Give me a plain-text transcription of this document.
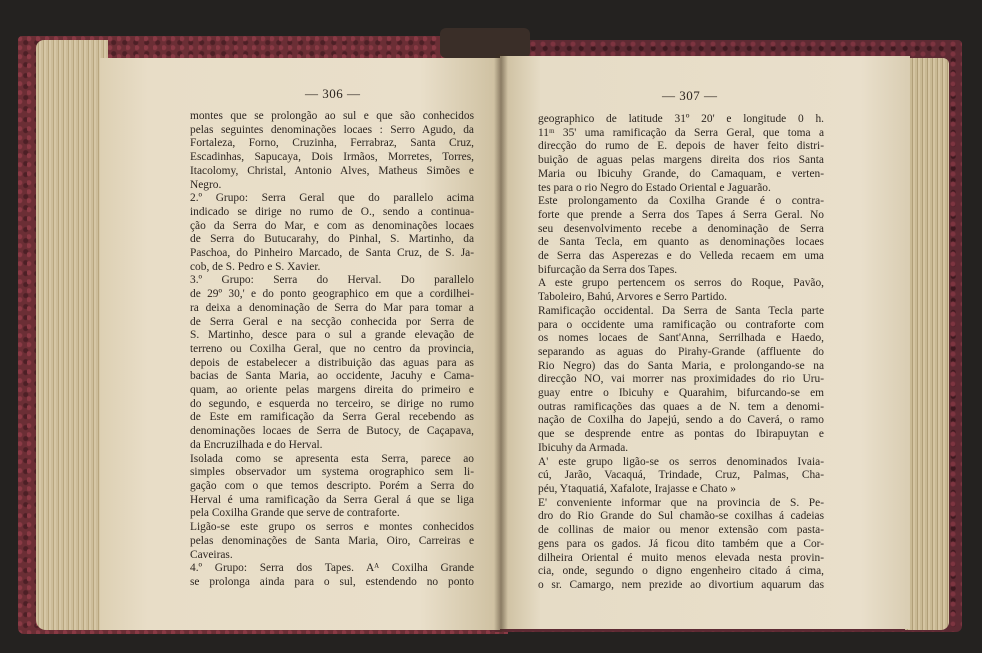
— 306 —
montes que se prolongão ao sul e que são conhecidos
pelas seguintes denominações locaes : Serro Agudo, da
Fortaleza, Forno, Cruzinha, Ferrabraz, Santa Cruz,
Escadinhas, Sapucaya, Dois Irmãos, Morretes, Torres,
Itacolomy, Christal, Antonio Alves, Matheus Simões e
Negro.
2.º Grupo: Serra Geral que do parallelo acima
indicado se dirige no rumo de O., sendo a continua-
ção da Serra do Mar, e com as denominações locaes
de Serra do Butucarahy, do Pinhal, S. Martinho, da
Paschoa, do Pinheiro Marcado, de Santa Cruz, de S. Ja-
cob, de S. Pedro e S. Xavier.
3.º Grupo: Serra do Herval. Do parallelo
de 29º 30,' e do ponto geographico em que a cordilhei-
ra deixa a denominação de Serra do Mar para tomar a
de Serra Geral e na secção conhecida por Serra de
S. Martinho, desce para o sul a grande elevação de
terreno ou Coxilha Geral, que no centro da provincia,
depois de estabelecer a distribuição das aguas para as
bacias de Santa Maria, ao occidente, Jacuhy e Cama-
quam, ao oriente pelas margens direita do primeiro e
do segundo, e esquerda no terceiro, se dirige no rumo
de Este em ramificação da Serra Geral recebendo as
denominações locaes de Serra de Butocy, de Caçapava,
da Encruzilhada e do Herval.
Isolada como se apresenta esta Serra, parece ao
simples observador um systema orographico sem li-
gação com o que temos descripto. Porém a Serra do
Herval é uma ramificação da Serra Geral á que se liga
pela Coxilha Grande que serve de contraforte.
Ligão-se este grupo os serros e montes conhecidos
pelas denominações de Santa Maria, Oiro, Carreiras e
Caveiras.
4.º Grupo: Serra dos Tapes. Aᴬ Coxilha Grande
se prolonga ainda para o sul, estendendo no ponto
— 307 —
geographico de latitude 31º 20' e longitude 0 h.
11ᵐ 35' uma ramificação da Serra Geral, que toma a
direcção do rumo de E. depois de haver feito distri-
buição de aguas pelas margens direita dos rios Santa
Maria ou Ibicuhy Grande, do Camaquam, e verten-
tes para o rio Negro do Estado Oriental e Jaguarão.
Este prolongamento da Coxilha Grande é o contra-
forte que prende a Serra dos Tapes á Serra Geral. No
seu desenvolvimento recebe a denominação de Serra
de Santa Tecla, em quanto as denominações locaes
de Serra das Asperezas e do Velleda recaem em uma
bifurcação da Serra dos Tapes.
A este grupo pertencem os serros do Roque, Pavão,
Taboleiro, Bahú, Arvores e Serro Partido.
Ramificação occidental. Da Serra de Santa Tecla parte
para o occidente uma ramificação ou contraforte com
os nomes locaes de Sant'Anna, Serrilhada e Haedo,
separando as aguas do Pirahy-Grande (affluente do
Rio Negro) das do Santa Maria, e prolongando-se na
direcção NO, vai morrer nas proximidades do rio Uru-
guay entre o Ibicuhy e Quarahim, bifurcando-se em
outras ramificações das quaes a de N. tem a denomi-
nação de Coxilha do Japejú, sendo a do Caverá, o ramo
que se desprende entre as pontas do Ibirapuytan e
Ibicuhy da Armada.
A' este grupo ligão-se os serros denominados Ivaia-
cú, Jarão, Vacaquá, Trindade, Cruz, Palmas, Cha-
péu, Ytaquatiá, Xafalote, Irajasse e Chato »
E' conveniente informar que na provincia de S. Pe-
dro do Rio Grande do Sul chamão-se coxilhas á cadeias
de collinas de maior ou menor extensão com pasta-
gens para os gados. Já ficou dito também que a Cor-
dilheira Oriental é muito menos elevada nesta provin-
cia, onde, segundo o digno engenheiro citado á cima,
o sr. Camargo, nem prezide ao divortium aquarum das
